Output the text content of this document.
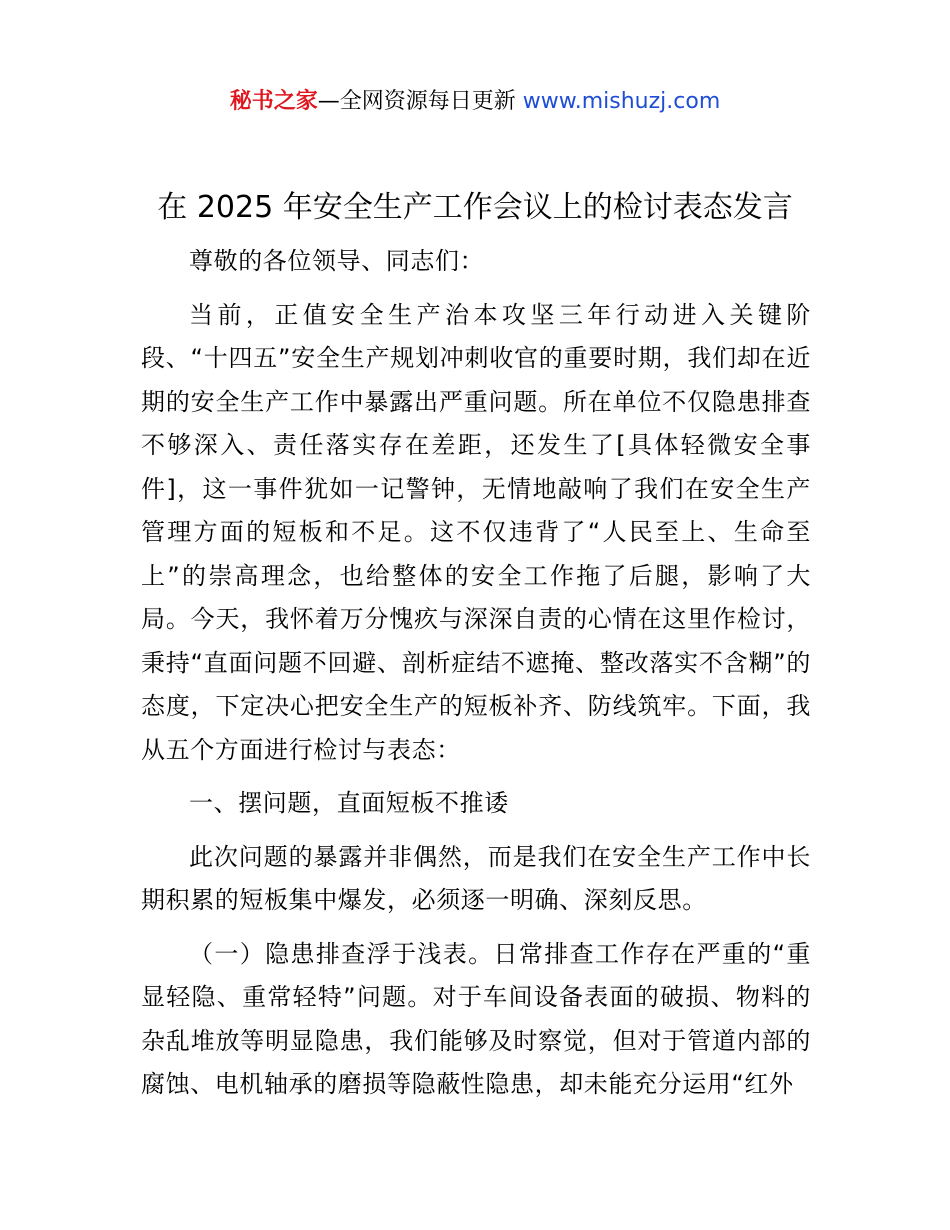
秘书之家—全网资源每日更新 www.mishuzj.com
在 2025 年安全生产工作会议上的检讨表态发言

尊敬的各位领导、同志们：

当前，正值安全生产治本攻坚三年行动进入关键阶段、“十四五”安全生产规划冲刺收官的重要时期，我们却在近期的安全生产工作中暴露出严重问题。所在单位不仅隐患排查不够深入、责任落实存在差距，还发生了[具体轻微安全事件]，这一事件犹如一记警钟，无情地敲响了我们在安全生产管理方面的短板和不足。这不仅违背了“人民至上、生命至上”的崇高理念，也给整体的安全工作拖了后腿，影响了大局。今天，我怀着万分愧疚与深深自责的心情在这里作检讨，秉持“直面问题不回避、剖析症结不遮掩、整改落实不含糊”的态度，下定决心把安全生产的短板补齐、防线筑牢。下面，我从五个方面进行检讨与表态：

一、摆问题，直面短板不推诿

此次问题的暴露并非偶然，而是我们在安全生产工作中长期积累的短板集中爆发，必须逐一明确、深刻反思。

（一）隐患排查浮于浅表。日常排查工作存在严重的“重显轻隐、重常轻特”问题。对于车间设备表面的破损、物料的杂乱堆放等明显隐患，我们能够及时察觉，但对于管道内部的腐蚀、电机轴承的磨损等隐蔽性隐患，却未能充分运用“红外
